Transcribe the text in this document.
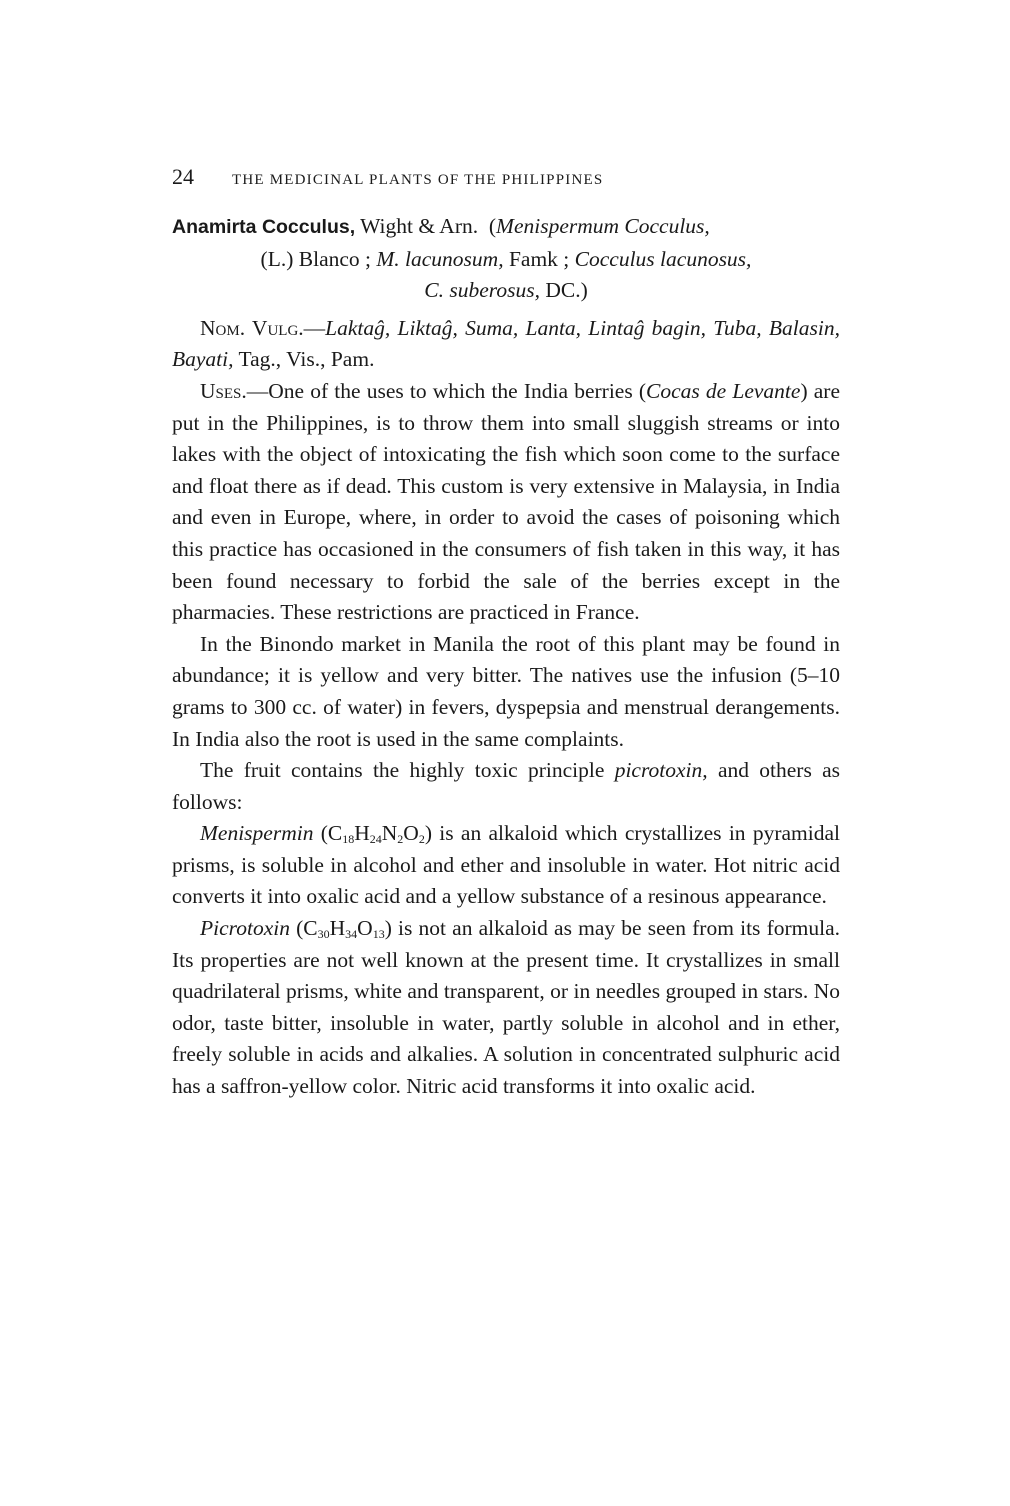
24	THE MEDICINAL PLANTS OF THE PHILIPPINES
Anamirta Cocculus, Wight & Arn. (Menispermum Cocculus,
(L.) Blanco ; M. lacunosum, Famk ; Cocculus lacunosus,
C. suberosus, DC.)

Nom. Vulg.—Laktaĝ, Liktaĝ, Suma, Lanta, Lintaĝ bagin, Tuba, Balasin, Bayati, Tag., Vis., Pam.

Uses.—One of the uses to which the India berries (Cocas de Levante) are put in the Philippines, is to throw them into small sluggish streams or into lakes with the object of intoxicating the fish which soon come to the surface and float there as if dead. This custom is very extensive in Malaysia, in India and even in Europe, where, in order to avoid the cases of poisoning which this practice has occasioned in the consumers of fish taken in this way, it has been found necessary to forbid the sale of the berries except in the pharmacies. These restrictions are practiced in France.

In the Binondo market in Manila the root of this plant may be found in abundance; it is yellow and very bitter. The natives use the infusion (5–10 grams to 300 cc. of water) in fevers, dyspepsia and menstrual derangements. In India also the root is used in the same complaints.

The fruit contains the highly toxic principle picrotoxin, and others as follows:

Menispermin $(C_{18}H_{24}N_2O_2)$ is an alkaloid which crystallizes in pyramidal prisms, is soluble in alcohol and ether and insoluble in water. Hot nitric acid converts it into oxalic acid and a yellow substance of a resinous appearance.

Picrotoxin $(C_{30}H_{34}O_{13})$ is not an alkaloid as may be seen from its formula. Its properties are not well known at the present time. It crystallizes in small quadrilateral prisms, white and transparent, or in needles grouped in stars. No odor, taste bitter, insoluble in water, partly soluble in alcohol and in ether, freely soluble in acids and alkalies. A solution in concentrated sulphuric acid has a saffron-yellow color. Nitric acid transforms it into oxalic acid.
